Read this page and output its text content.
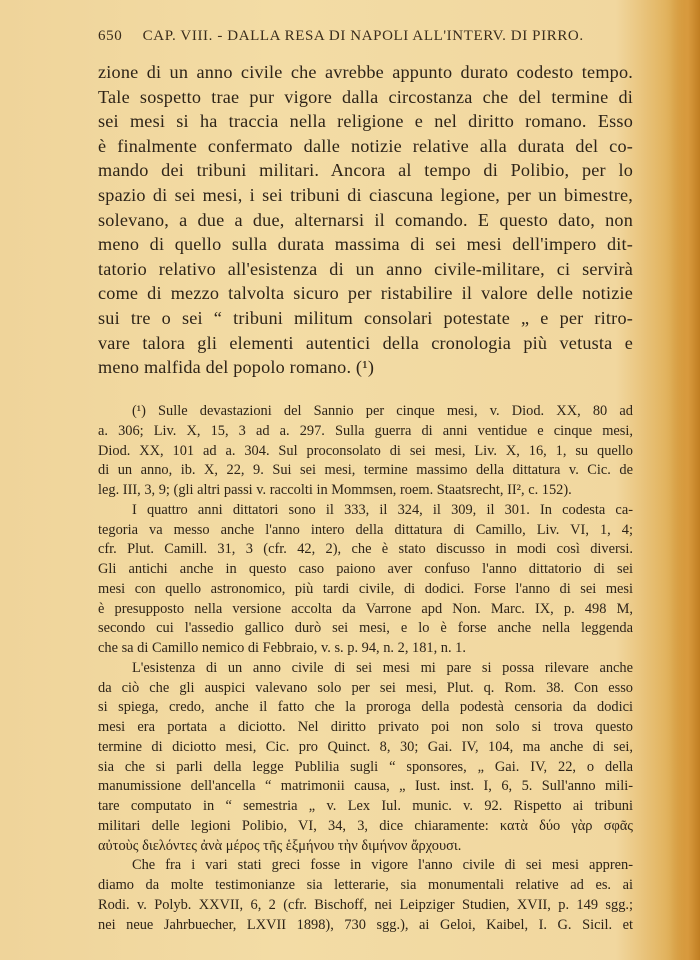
650 CAP. VIII. - DALLA RESA DI NAPOLI ALL'INTERV. DI PIRRO.
zione di un anno civile che avrebbe appunto durato codesto tempo.
Tale sospetto trae pur vigore dalla circostanza che del termine di
sei mesi si ha traccia nella religione e nel diritto romano. Esso
è finalmente confermato dalle notizie relative alla durata del co-
mando dei tribuni militari. Ancora al tempo di Polibio, per lo
spazio di sei mesi, i sei tribuni di ciascuna legione, per un bimestre,
solevano, a due a due, alternarsi il comando. E questo dato, non
meno di quello sulla durata massima di sei mesi dell'impero dit-
tatorio relativo all'esistenza di un anno civile-militare, ci servirà
come di mezzo talvolta sicuro per ristabilire il valore delle notizie
sui tre o sei “ tribuni militum consolari potestate „ e per ritro-
vare talora gli elementi autentici della cronologia più vetusta e
meno malfida del popolo romano. (¹)
(¹) Sulle devastazioni del Sannio per cinque mesi, v. Diod. XX, 80 ad
a. 306; Liv. X, 15, 3 ad a. 297. Sulla guerra di anni ventidue e cinque mesi,
Diod. XX, 101 ad a. 304. Sul proconsolato di sei mesi, Liv. X, 16, 1, su quello
di un anno, ib. X, 22, 9. Sui sei mesi, termine massimo della dittatura v. Cic. de
leg. III, 3, 9; (gli altri passi v. raccolti in Mommsen, roem. Staatsrecht, II², c. 152).
I quattro anni dittatori sono il 333, il 324, il 309, il 301. In codesta ca-
tegoria va messo anche l'anno intero della dittatura di Camillo, Liv. VI, 1, 4;
cfr. Plut. Camill. 31, 3 (cfr. 42, 2), che è stato discusso in modi così diversi.
Gli antichi anche in questo caso paiono aver confuso l'anno dittatorio di sei
mesi con quello astronomico, più tardi civile, di dodici. Forse l'anno di sei mesi
è presupposto nella versione accolta da Varrone apd Non. Marc. IX, p. 498 M,
secondo cui l'assedio gallico durò sei mesi, e lo è forse anche nella leggenda
che sa di Camillo nemico di Febbraio, v. s. p. 94, n. 2, 181, n. 1.
L'esistenza di un anno civile di sei mesi mi pare si possa rilevare anche
da ciò che gli auspici valevano solo per sei mesi, Plut. q. Rom. 38. Con esso
si spiega, credo, anche il fatto che la proroga della podestà censoria da dodici
mesi era portata a diciotto. Nel diritto privato poi non solo si trova questo
termine di diciotto mesi, Cic. pro Quinct. 8, 30; Gai. IV, 104, ma anche di sei,
sia che si parli della legge Publilia sugli “ sponsores, „ Gai. IV, 22, o della
manumissione dell'ancella “ matrimonii causa, „ Iust. inst. I, 6, 5. Sull'anno mili-
tare computato in “ semestria „ v. Lex Iul. munic. v. 92. Rispetto ai tribuni
militari delle legioni Polibio, VI, 34, 3, dice chiaramente: κατὰ δύο γὰρ σφᾶς
αὐτοὺς διελόντες ἀνὰ μέρος τῆς ἑξμήνου τὴν διμήνον ἄρχουσι.
Che fra i vari stati greci fosse in vigore l'anno civile di sei mesi appren-
diamo da molte testimonianze sia letterarie, sia monumentali relative ad es. ai
Rodi. v. Polyb. XXVII, 6, 2 (cfr. Bischoff, nei Leipziger Studien, XVII, p. 149 sgg.;
nei neue Jahrbuecher, LXVII 1898), 730 sgg.), ai Geloi, Kaibel, I. G. Sicil. et
